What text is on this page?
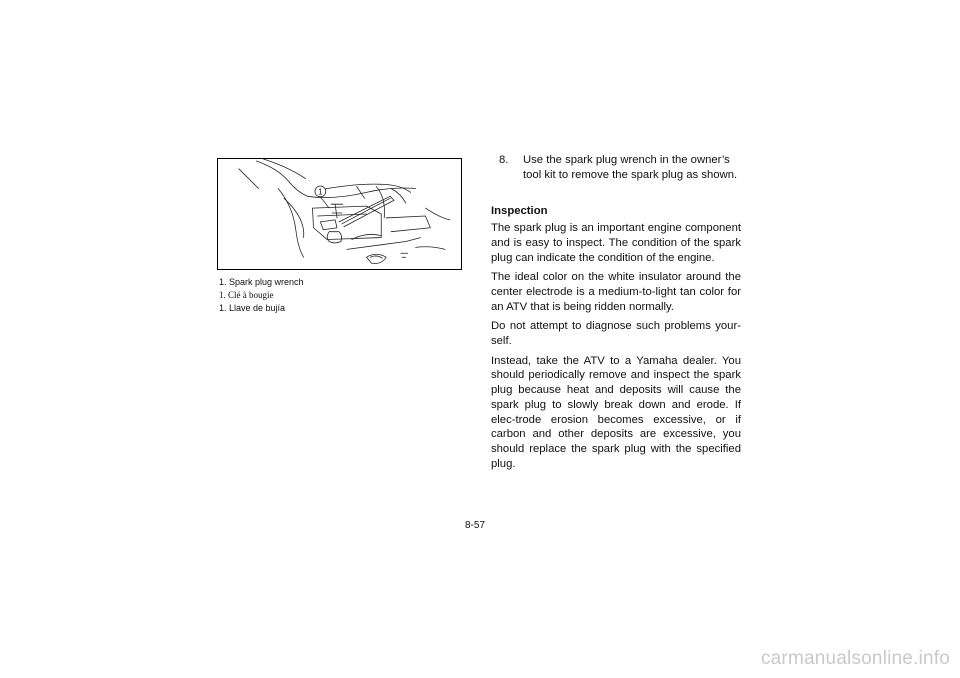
1
1. Spark plug wrench
1. Clé à bougie
1. Llave de bujía
8.	Use the spark plug wrench in the owner’s tool kit to remove the spark plug as shown.
Inspection

The spark plug is an important engine component and is easy to inspect. The condition of the spark plug can indicate the condition of the engine.

The ideal color on the white insulator around the center electrode is a medium-to-light tan color for an ATV that is being ridden normally.

Do not attempt to diagnose such problems your-self.

Instead, take the ATV to a Yamaha dealer. You should periodically remove and inspect the spark plug because heat and deposits will cause the spark plug to slowly break down and erode. If elec-trode erosion becomes excessive, or if carbon and other deposits are excessive, you should replace the spark plug with the specified plug.

8-57
carmanualsonline.info
